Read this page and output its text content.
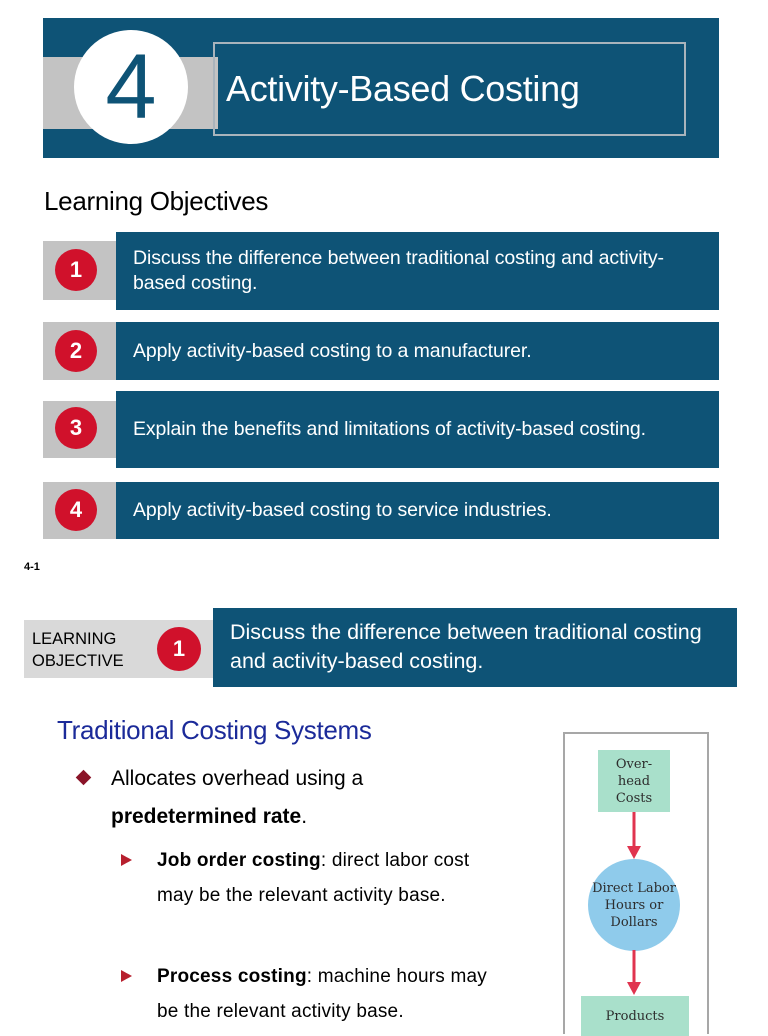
4 Activity-Based Costing
Learning Objectives
Discuss the difference between traditional costing and activity-based costing.
1
Apply activity-based costing to a manufacturer.
2
Explain the benefits and limitations of activity-based costing.
3
Apply activity-based costing to service industries.
4
4-1
LEARNING
OBJECTIVE 1
Discuss the difference between traditional costing and activity-based costing.
Traditional Costing Systems
Allocates overhead using a
predetermined rate.
Job order costing: direct labor cost may be the relevant activity base.
Process costing: machine hours may be the relevant activity base.
Over-head Costs
Direct Labor Hours or Dollars
Products
